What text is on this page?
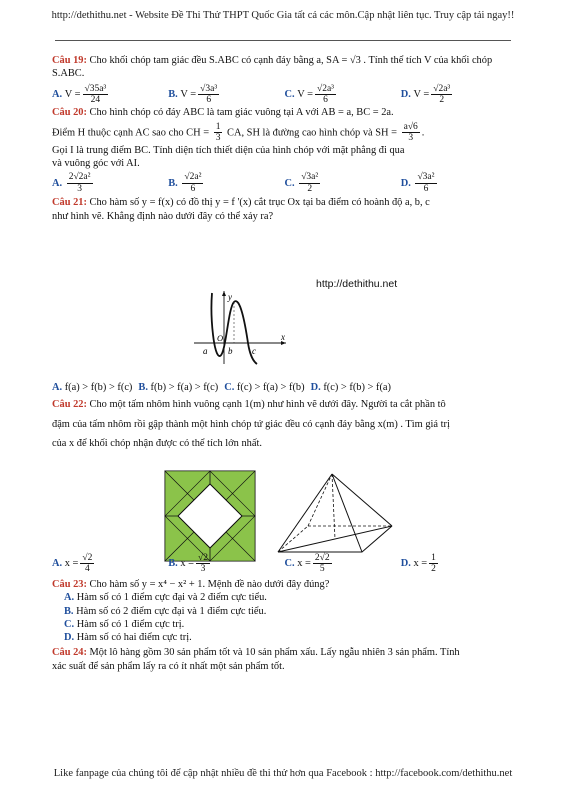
http://dethithu.net - Website Đề Thi Thử THPT Quốc Gia tất cả các môn.Cập nhật liên tục. Truy cập tải ngay!!

Câu 19: Cho khối chóp tam giác đều S.ABC có cạnh đáy bằng a, SA = √3 . Tính thể tích V của khối chóp S.ABC.

A.
$V = \frac{\text{√35a³}}{24}$	B.
$V = \frac{\text{√3a³}}{6}$	C.
$V = \frac{\text{√2a³}}{6}$	D.
$V = \frac{\text{√2a³}}{2}$

Câu 20: Cho hình chóp có đáy ABC là tam giác vuông tại A với AB = a, BC = 2a.

Điểm H thuộc cạnh AC sao cho CH = $\frac{1}{3}$ CA, SH là đường cao hình chóp và SH = $\frac{a√6}{3}$ .

Gọi I là trung điểm BC. Tính diện tích thiết diện của hình chóp với mặt phẳng đi qua

và vuông góc với AI.

A.
$\frac{\text{2√2a²}}{3}$	B.
$\frac{\text{√2a²}}{6}$	C.
$\frac{\text{√3a²}}{2}$	D.
$\frac{\text{√3a²}}{6}$

Câu 21: Cho hàm số y = f(x) có đồ thị y = f '(x) cắt trục Ox tại ba điểm có hoành độ a, b, c

như hình vẽ. Khẳng định nào dưới đây có thể xảy ra?

http://dethithu.net
y
x
O
a b c
A. f(a) > f(b) > f(c) B. f(b) > f(a) > f(c) C. f(c) > f(a) > f(b) D. f(c) > f(b) > f(a)

Câu 22: Cho một tấm nhôm hình vuông cạnh 1(m) như hình vẽ dưới đây. Người ta cắt phần tô

đậm của tấm nhôm rồi gập thành một hình chóp tứ giác đều có cạnh đáy bằng x(m) . Tìm giá trị

của x để khối chóp nhận được có thể tích lớn nhất.

A.
$x = \frac{√2}{4}$	B.
$x = \frac{√2}{3}$	C.
$x = \frac{2√2}{5}$	D.
$x = \frac{1}{2}$

Câu 23: Cho hàm số y = x⁴ − x² + 1. Mệnh đề nào dưới đây đúng?

A. Hàm số có 1 điểm cực đại và 2 điểm cực tiểu.

B. Hàm số có 2 điểm cực đại và 1 điểm cực tiểu.

C. Hàm số có 1 điểm cực trị.

D. Hàm số có hai điểm cực trị.

Câu 24: Một lô hàng gồm 30 sản phẩm tốt và 10 sản phẩm xấu. Lấy ngẫu nhiên 3 sản phẩm. Tính

xác suất để sản phẩm lấy ra có ít nhất một sản phẩm tốt.

Like fanpage của chúng tôi để cập nhật nhiều đề thi thử hơn qua Facebook : http://facebook.com/dethithu.net
